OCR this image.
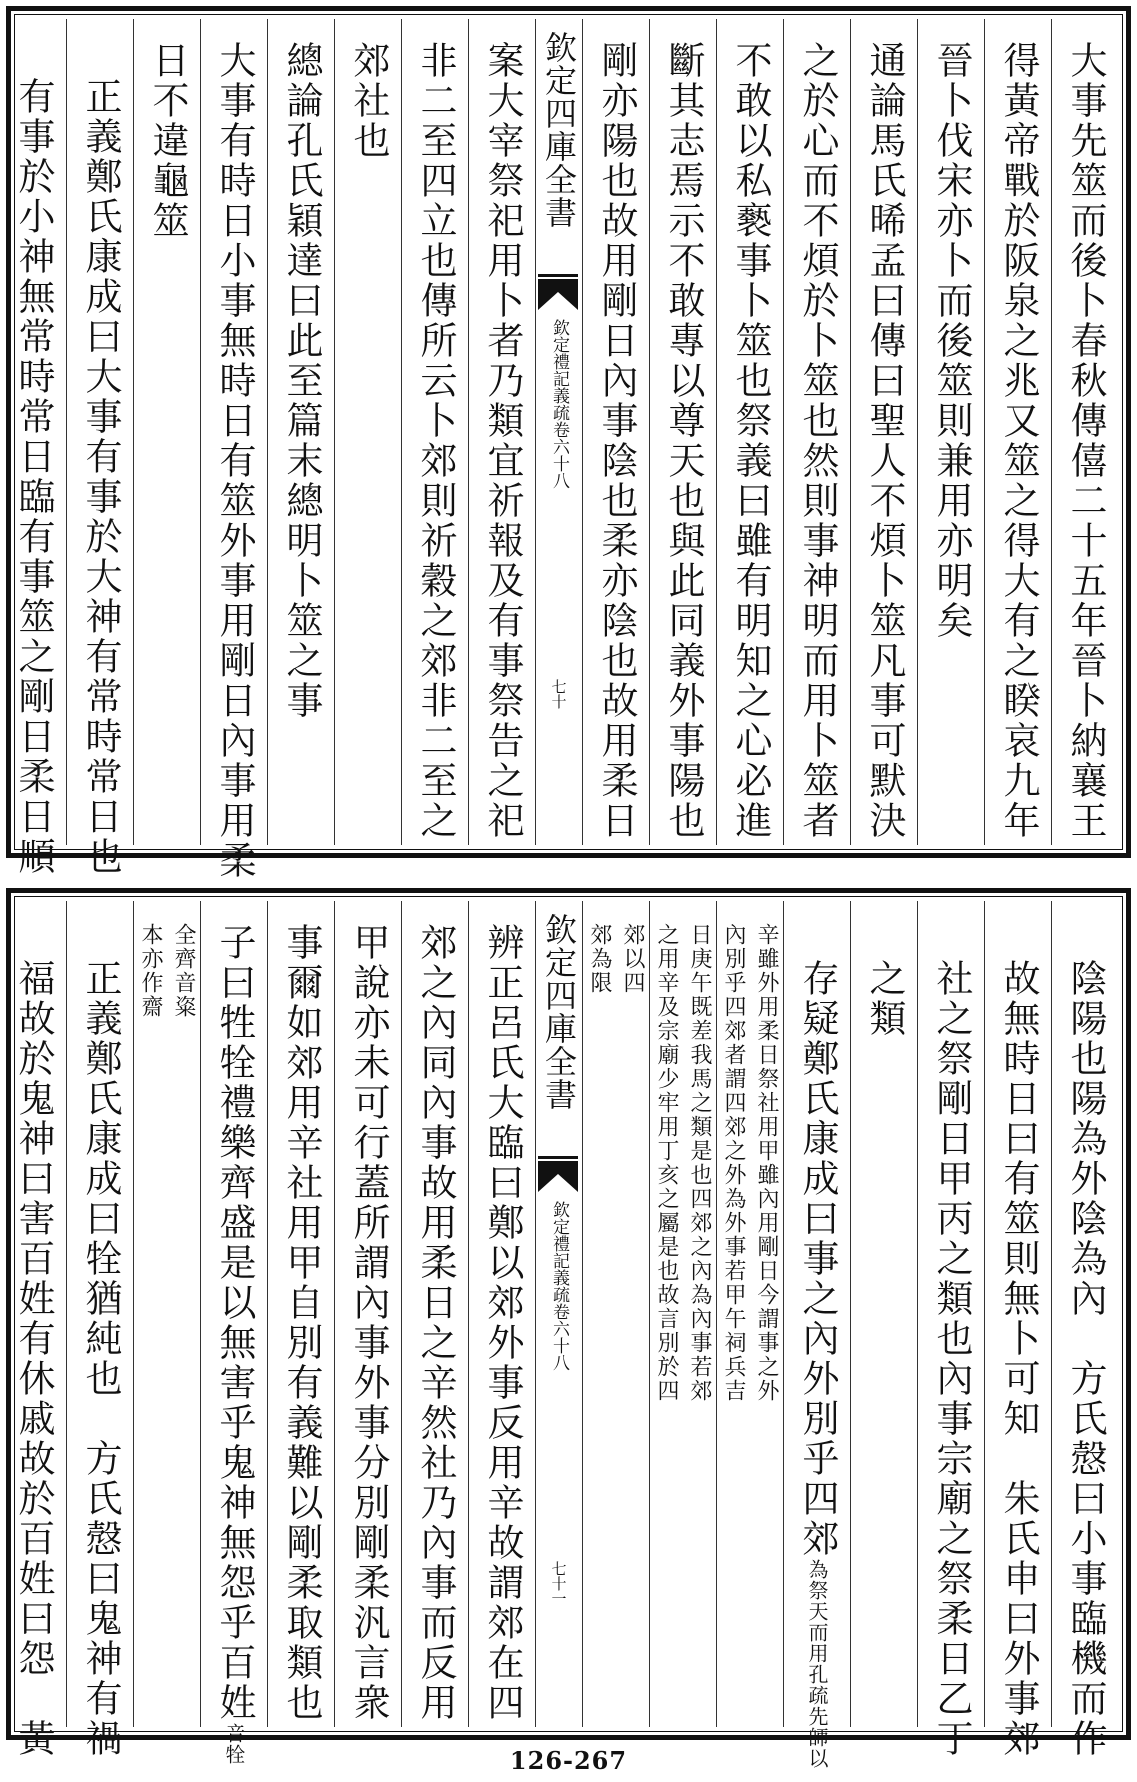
大事先筮而後卜春秋傳僖二十五年晉卜納襄王
得黃帝戰於阪泉之兆又筮之得大有之睽哀九年
晉卜伐宋亦卜而後筮則兼用亦明矣
通論馬氏晞孟曰傳曰聖人不煩卜筮凡事可默決
之於心而不煩於卜筮也然則事神明而用卜筮者
不敢以私褻事卜筮也祭義曰雖有明知之心必進
斷其志焉示不敢專以尊天也與此同義外事陽也
剛亦陽也故用剛日內事陰也柔亦陰也故用柔日
欽定四庫全書
欽定禮記義疏
卷六十八
七十
案大宰祭祀用卜者乃類宜祈報及有事祭告之祀
非二至四立也傳所云卜郊則祈穀之郊非二至之
郊社也
總論孔氏穎達曰此至篇末總明卜筮之事
大事有時日小事無時日有筮外事用剛日內事用柔
日不違龜筮
正義鄭氏康成曰大事有事於大神有常時常日也
有事於小神無常時常日臨有事筮之剛日柔日順
陰陽也陽為外陰為內　方氏慤曰小事臨機而作
故無時日曰有筮則無卜可知　朱氏申曰外事郊
社之祭剛日甲丙之類也內事宗廟之祭柔日乙丁
之類
存疑鄭氏康成曰事之內外別乎四郊
孔疏先師以
為祭天而用
辛雖外用柔日祭社用甲雖內用剛日今謂事之外
內別乎四郊者謂四郊之外為外事若甲午祠兵吉
日庚午既差我馬之類是也四郊之內為內事若郊
之用辛及宗廟少牢用丁亥之屬是也故言別於四
郊以四
郊為限
欽定四庫全書
欽定禮記義疏
卷六十八
七十一
辨正呂氏大臨曰鄭以郊外事反用辛故謂郊在四
郊之內同內事故用柔日之辛然社乃內事而反用
甲說亦未可行蓋所謂內事外事分別剛柔汎言衆
事爾如郊用辛社用甲自別有義難以剛柔取類也
子曰牲牷禮樂齊盛是以無害乎鬼神無怨乎百姓
牷
音
全齊音粢
本亦作齋
正義鄭氏康成曰牷猶純也　方氏慤曰鬼神有禍
福故於鬼神曰害百姓有休戚故於百姓曰怨　黃
126-267
